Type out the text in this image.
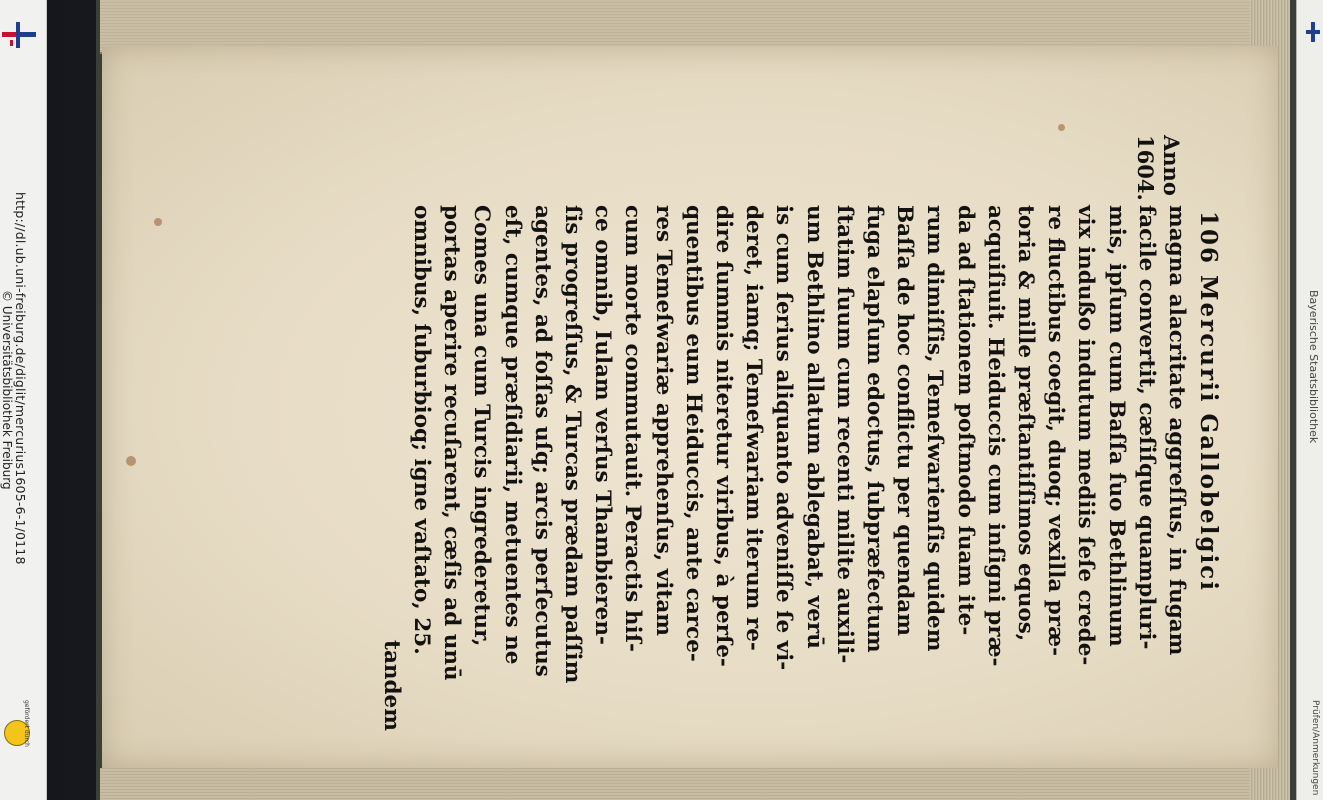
http://dl.ub.uni-freiburg.de/diglit/mercurius1605-6-1/0118
© Universitätsbibliothek Freiburg
gefördert durch
Bayerische Staatsbibliothek
Prüfen/Anmerkungen
106 Mercurii Gallobelgici
Anno
1604.
magna alacritate aggreſſus, in fugam
facile convertit, cæſiſque quampluri-
mis, ipſum cum Baſſa ſuo Bethlinum
vix indußo indutum mediis ſeſe crede-
re fluctibus coegit, duoq; vexilla præ-
toria & mille præſtantiſſimos equos,
acquiſiuit. Heiduccis cum inſigni præ-
da ad ſtationem poſtmodo ſuam ite-
rum dimiſſis, Temeſwarienſis quidem
Baſſa de hoc conflictu per quendam
fuga elapſum edoctus, ſubpræfectum
ſtatim ſuum cum recenti milite auxili-
um Bethlino allatum ablegabat, verū
is cum ſerius aliquanto adveniſſe ſe vi-
deret, iamq; Temeſwariam iterum re-
dire ſummis niteretur viribus, à perſe-
quentibus eum Heiduccis, ante carce-
res Temeſwariæ apprehenſus, vitam
cum morte commutauit. Peractis hiſ-
ce omnib, Iulam verſus Thambieren-
ſis progreſſus, & Turcas prædam paſſim
agentes, ad foſſas uſq; arcis perſecutus
eſt, cumque præſidiarii, metuentes ne
Comes una cum Turcis ingrederetur,
portas aperire recuſarent, cæſis ad unū
omnibus, ſuburbioq; igne vaſtato, 25.
tandem
